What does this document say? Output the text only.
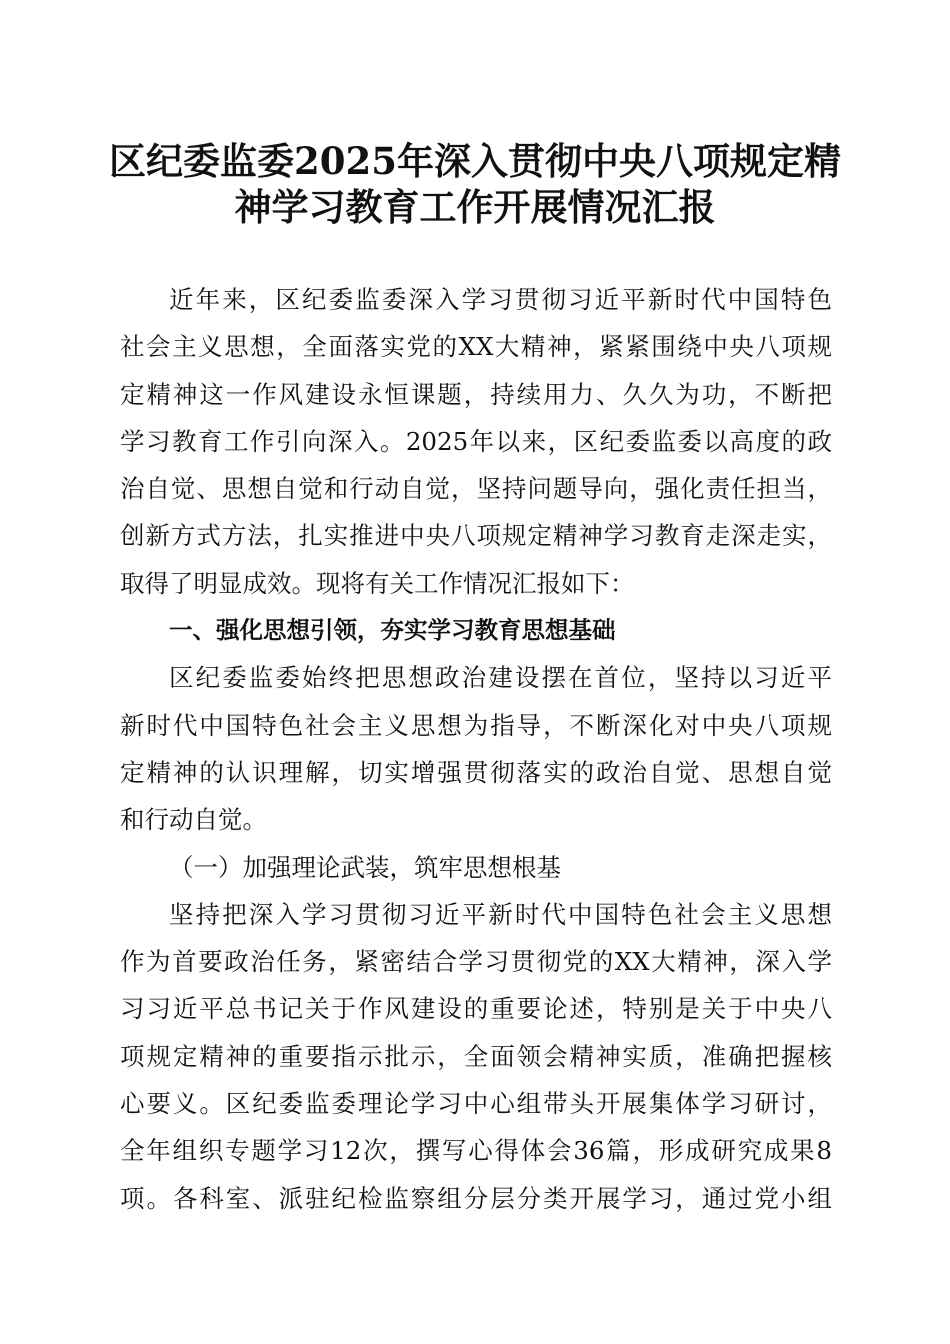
区纪委监委2025年深入贯彻中央八项规定精
神学习教育工作开展情况汇报
近年来，区纪委监委深入学习贯彻习近平新时代中国特色
社会主义思想，全面落实党的XX大精神，紧紧围绕中央八项规
定精神这一作风建设永恒课题，持续用力、久久为功，不断把
学习教育工作引向深入。2025年以来，区纪委监委以高度的政
治自觉、思想自觉和行动自觉，坚持问题导向，强化责任担当，
创新方式方法，扎实推进中央八项规定精神学习教育走深走实，
取得了明显成效。现将有关工作情况汇报如下：
一、强化思想引领，夯实学习教育思想基础
区纪委监委始终把思想政治建设摆在首位，坚持以习近平
新时代中国特色社会主义思想为指导，不断深化对中央八项规
定精神的认识理解，切实增强贯彻落实的政治自觉、思想自觉
和行动自觉。
（一）加强理论武装，筑牢思想根基
坚持把深入学习贯彻习近平新时代中国特色社会主义思想
作为首要政治任务，紧密结合学习贯彻党的XX大精神，深入学
习习近平总书记关于作风建设的重要论述，特别是关于中央八
项规定精神的重要指示批示，全面领会精神实质，准确把握核
心要义。区纪委监委理论学习中心组带头开展集体学习研讨，
全年组织专题学习12次，撰写心得体会36篇，形成研究成果8
项。各科室、派驻纪检监察组分层分类开展学习，通过党小组
